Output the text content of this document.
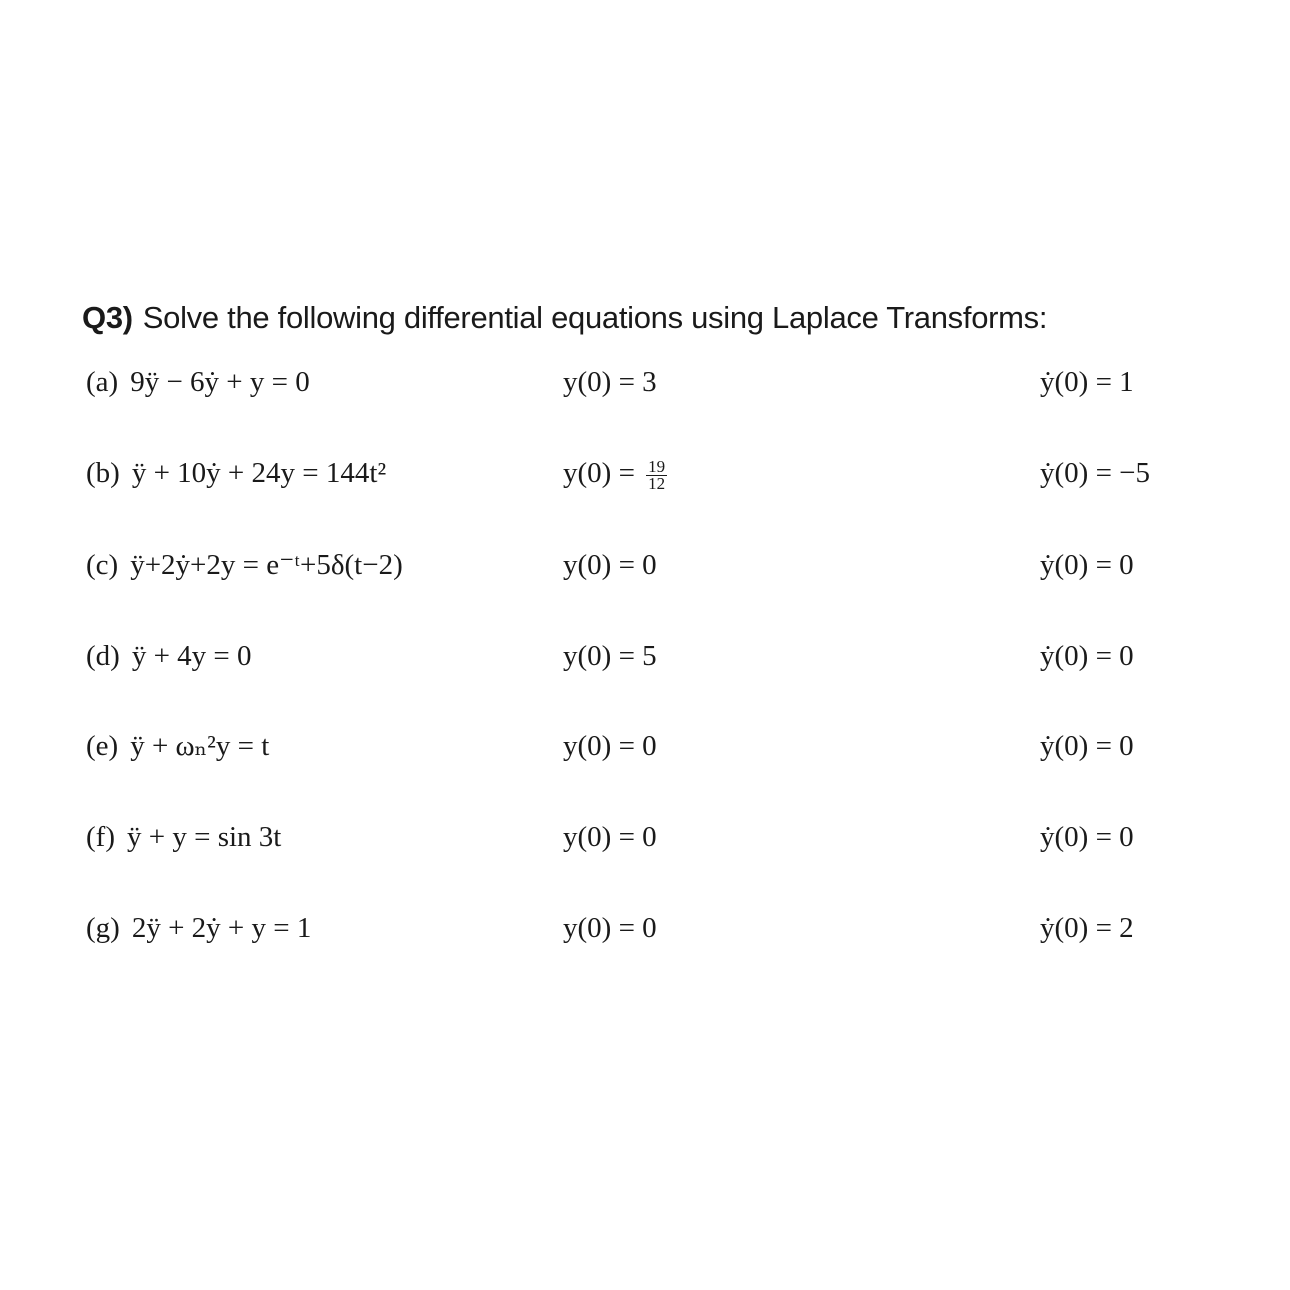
Q3) Solve the following differential equations using Laplace Transforms:
(a) 9ÿ − 6ẏ + y = 0	y(0) = 3	ẏ(0) = 1
(b) ÿ + 10ẏ + 24y = 144t²	$y(0) = \frac{19}{12}$	ẏ(0) = −5
(c) ÿ+2ẏ+2y = e⁻ᵗ+5δ(t−2)	y(0) = 0	ẏ(0) = 0
(d) ÿ + 4y = 0	y(0) = 5	ẏ(0) = 0
(e) ÿ + ωₙ²y = t	y(0) = 0	ẏ(0) = 0
(f) ÿ + y = sin 3t	y(0) = 0	ẏ(0) = 0
(g) 2ÿ + 2ẏ + y = 1	y(0) = 0	ẏ(0) = 2
